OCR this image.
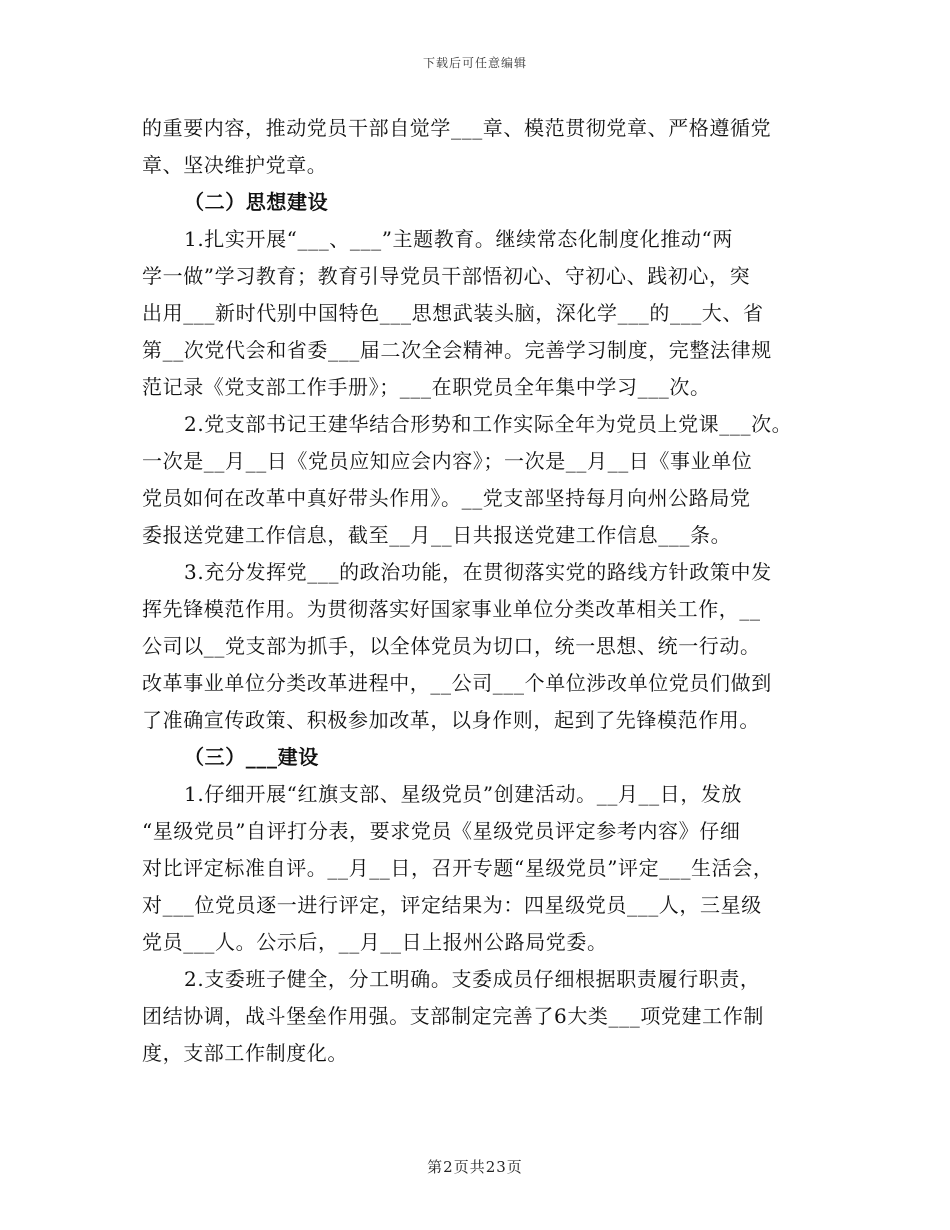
下载后可任意编辑
的重要内容，推动党员干部自觉学___章、模范贯彻党章、严格遵循党
章、坚决维护党章。
（二）思想建设
1.扎实开展“___、___”主题教育。继续常态化制度化推动“两
学一做”学习教育；教育引导党员干部悟初心、守初心、践初心，突
出用___新时代别中国特色___思想武装头脑，深化学___的___大、省
第__次党代会和省委___届二次全会精神。完善学习制度，完整法律规
范记录《党支部工作手册》；___在职党员全年集中学习___次。
2.党支部书记王建华结合形势和工作实际全年为党员上党课___次。
一次是__月__日《党员应知应会内容》；一次是__月__日《事业单位
党员如何在改革中真好带头作用》。__党支部坚持每月向州公路局党
委报送党建工作信息，截至__月__日共报送党建工作信息___条。
3.充分发挥党___的政治功能，在贯彻落实党的路线方针政策中发
挥先锋模范作用。为贯彻落实好国家事业单位分类改革相关工作，__
公司以__党支部为抓手，以全体党员为切口，统一思想、统一行动。
改革事业单位分类改革进程中，__公司___个单位涉改单位党员们做到
了准确宣传政策、积极参加改革，以身作则，起到了先锋模范作用。
（三）___建设
1.仔细开展“红旗支部、星级党员”创建活动。__月__日，发放
“星级党员”自评打分表，要求党员《星级党员评定参考内容》仔细
对比评定标准自评。__月__日，召开专题“星级党员”评定___生活会，
对___位党员逐一进行评定，评定结果为：四星级党员___人，三星级
党员___人。公示后，__月__日上报州公路局党委。
2.支委班子健全，分工明确。支委成员仔细根据职责履行职责，
团结协调，战斗堡垒作用强。支部制定完善了6大类___项党建工作制
度，支部工作制度化。
第2页共23页
